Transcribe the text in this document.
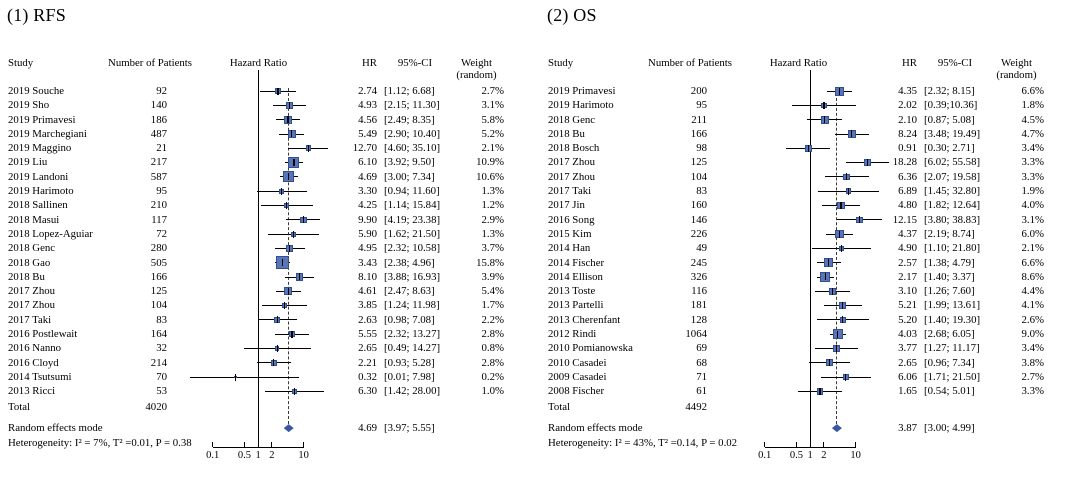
(1) RFS
Study	Number of Patients	Hazard Ratio	HR	95%-CI	Weight
(random)
2019 Souche	92	2.74 [1.12; 6.68]	2.7%
2019 Sho	140	4.93 [2.15; 11.30]	3.1%
2019 Primavesi	186	4.56 [2.49; 8.35]	5.8%
2019 Marchegiani	487	5.49 [2.90; 10.40]	5.2%
2019 Maggino	21	12.70 [4.60; 35.10]	2.1%
2019 Liu	217	6.10 [3.92; 9.50]	10.9%
2019 Landoni	587	4.69 [3.00; 7.34]	10.6%
2019 Harimoto	95	3.30 [0.94; 11.60]	1.3%
2018 Sallinen	210	4.25 [1.14; 15.84]	1.2%
2018 Masui	117	9.90 [4.19; 23.38]	2.9%
2018 Lopez-Aguiar	72	5.90 [1.62; 21.50]	1.3%
2018 Genc	280	4.95 [2.32; 10.58]	3.7%
2018 Gao	505	3.43 [2.38; 4.96]	15.8%
2018 Bu	166	8.10 [3.88; 16.93]	3.9%
2017 Zhou	125	4.61 [2.47; 8.63]	5.4%
2017 Zhou	104	3.85 [1.24; 11.98]	1.7%
2017 Taki	83	2.63 [0.98; 7.08]	2.2%
2016 Postlewait	164	5.55 [2.32; 13.27]	2.8%
2016 Nanno	32	2.65 [0.49; 14.27]	0.8%
2016 Cloyd	214	2.21 [0.93; 5.28]	2.8%
2014 Tsutsumi	70	0.32 [0.01; 7.98]	0.2%
2013 Ricci	53	6.30 [1.42; 28.00]	1.0%
Total	4020
Random effects mode	4.69 [3.97; 5.55]
Heterogeneity: I² = 7%, T² =0.01, P = 0.38
0.1	0.5 1 2	10
(2) OS
Study	Number of Patients	Hazard Ratio	HR	95%-CI	Weight
(random)
2019 Primavesi	200	4.35 [2.32; 8.15]	6.6%
2019 Harimoto	95	2.02 [0.39;10.36]	1.8%
2018 Genc	211	2.10 [0.87; 5.08]	4.5%
2018 Bu	166	8.24 [3.48; 19.49]	4.7%
2018 Bosch	98	0.91 [0.30; 2.71]	3.4%
2017 Zhou	125	18.28 [6.02; 55.58]	3.3%
2017 Zhou	104	6.36 [2.07; 19.58]	3.3%
2017 Taki	83	6.89 [1.45; 32.80]	1.9%
2017 Jin	160	4.80 [1.82; 12.64]	4.0%
2016 Song	146	12.15 [3.80; 38.83]	3.1%
2015 Kim	226	4.37 [2.19; 8.74]	6.0%
2014 Han	49	4.90 [1.10; 21.80]	2.1%
2014 Fischer	245	2.57 [1.38; 4.79]	6.6%
2014 Ellison	326	2.17 [1.40; 3.37]	8.6%
2013 Toste	116	3.10 [1.26; 7.60]	4.4%
2013 Partelli	181	5.21 [1.99; 13.61]	4.1%
2013 Cherenfant	128	5.20 [1.40; 19.30]	2.6%
2012 Rindi	1064	4.03 [2.68; 6.05]	9.0%
2010 Pomianowska	69	3.77 [1.27; 11.17]	3.4%
2010 Casadei	68	2.65 [0.96; 7.34]	3.8%
2009 Casadei	71	6.06 [1.71; 21.50]	2.7%
2008 Fischer	61	1.65 [0.54; 5.01]	3.3%
Total	4492
Random effects mode	3.87 [3.00; 4.99]
Heterogeneity: I² = 43%, T² =0.14, P = 0.02
0.1	0.5 1 2	10
